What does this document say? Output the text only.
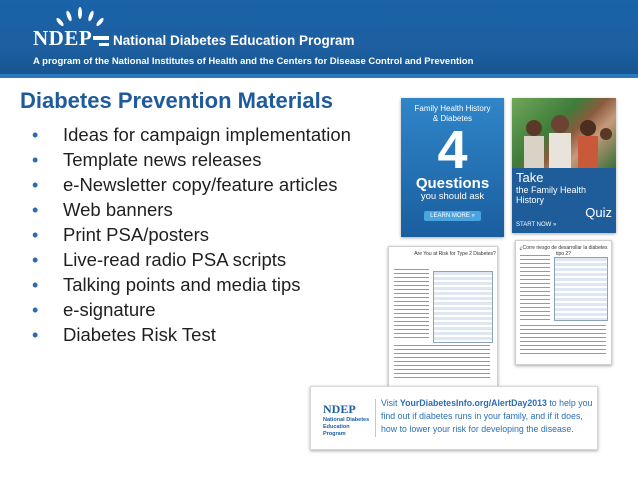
NDEP National Diabetes Education Program
A program of the National Institutes of Health and the Centers for Disease Control and Prevention
Diabetes Prevention Materials
• Ideas for campaign implementation
• Template news releases
• e-Newsletter copy/feature articles
• Web banners
• Print PSA/posters
• Live-read radio PSA scripts
• Talking points and media tips
• e-signature
• Diabetes Risk Test
Family Health History
& Diabetes
4
Questions
you should ask
LEARN MORE »
Take
the Family Health History
Quiz
START NOW »
Are You at Risk for Type 2 Diabetes?
¿Corre riesgo de desarrollar la diabetes tipo 2?
NDEP
National Diabetes Education Program
Visit YourDiabetesInfo.org/AlertDay2013 to help you find out if diabetes runs in your family, and if it does, how to lower your risk for developing the disease.
